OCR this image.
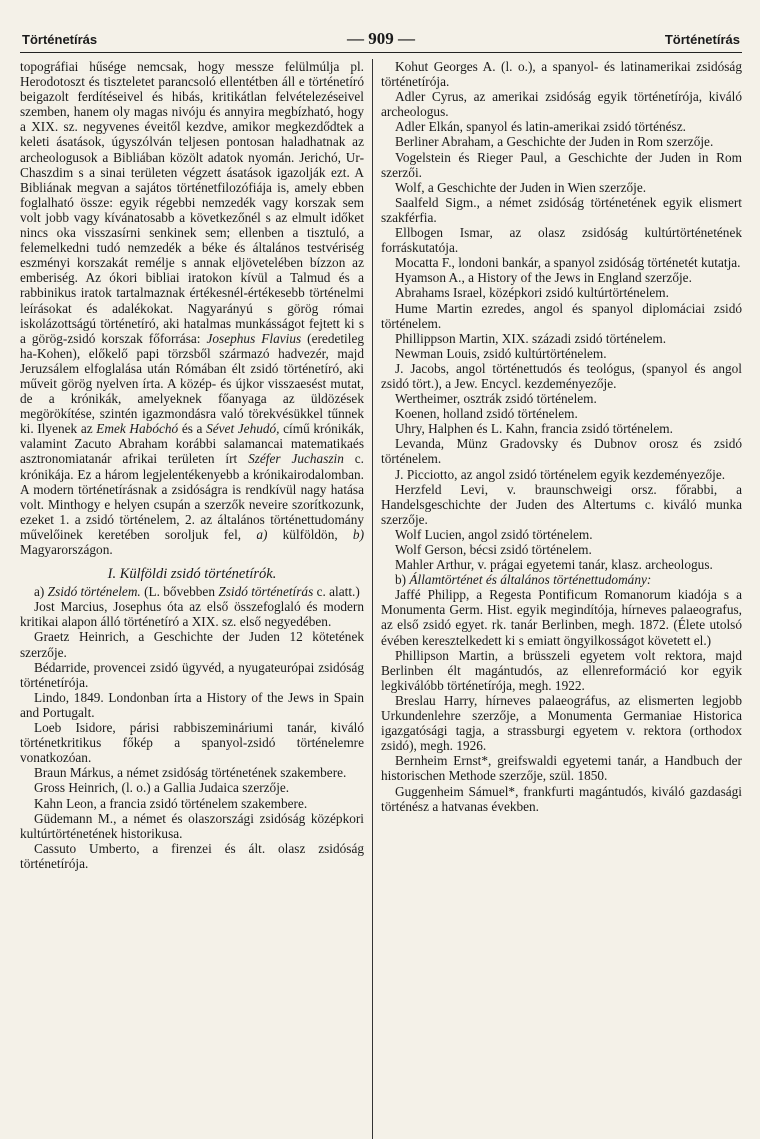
Történetírás	— 909 —	Történetírás

topográfiai hűsége nemcsak, hogy messze felülmúlja pl. Herodotoszt és tiszteletet parancsoló ellentétben áll e történetíró beigazolt ferdítéseivel és hibás, kritikátlan felvételezéseivel szemben, hanem oly magas nivóju és annyira megbízható, hogy a XIX. sz. negyvenes éveitől kezdve, amikor megkezdődtek a keleti ásatások, úgyszólván teljesen pontosan haladhatnak az archeologusok a Bibliában közölt adatok nyomán. Jerichó, Ur-Chaszdim s a sinai területen végzett ásatások igazolják ezt. A Bibliának megvan a sajátos történetfilozófiája is, amely ebben foglalható össze: egyik régebbi nemzedék vagy korszak sem volt jobb vagy kívánatosabb a következőnél s az elmult időket nincs oka visszasírni senkinek sem; ellenben a tisztuló, a felemelkedni tudó nemzedék a béke és általános testvériség eszményi korszakát remélje s annak eljövetelében bízzon az emberiség. Az ókori bibliai iratokon kívül a Talmud és a rabbinikus iratok tartalmaznak értékesnél-értékesebb történelmi leírásokat és adalékokat. Nagyarányú s görög római iskolázottságú történetíró, aki hatalmas munkásságot fejtett ki s a görög-zsidó korszak főforrása: Josephus Flavius (eredetileg ha-Kohen), előkelő papi törzsből származó hadvezér, majd Jeruzsálem elfoglalása után Rómában élt zsidó történetíró, aki műveit görög nyelven írta. A közép- és újkor visszaesést mutat, de a krónikák, amelyeknek főanyaga az üldözések megörökítése, szintén igazmondásra való törekvésükkel tűnnek ki. Ilyenek az Emek Habóchó és a Sévet Jehudó, című krónikák, valamint Zacuto Abraham korábbi salamancai matematikaés asztronomiatanár afrikai területen írt Széfer Juchaszin c. krónikája. Ez a három legjelentékenyebb a krónikairodalomban. A modern történetírásnak a zsidóságra is rendkívül nagy hatása volt. Minthogy e helyen csupán a szerzők neveire szorítkozunk, ezeket 1. a zsidó történelem, 2. az általános történettudomány művelőinek keretében soroljuk fel, a) külföldön, b) Magyarországon.

I. Külföldi zsidó történetírók.

a) Zsidó történelem. (L. bővebben Zsidó történetírás c. alatt.)

Jost Marcius, Josephus óta az első összefoglaló és modern kritikai alapon álló történetíró a XIX. sz. első negyedében.

Graetz Heinrich, a Geschichte der Juden 12 kötetének szerzője.

Bédarride, provencei zsidó ügyvéd, a nyugateurópai zsidóság történetírója.

Lindo, 1849. Londonban írta a History of the Jews in Spain and Portugalt.

Loeb Isidore, párisi rabbiszemináriumi tanár, kiváló történetkritikus főkép a spanyol-zsidó történelemre vonatkozóan.

Braun Márkus, a német zsidóság történetének szakembere.

Gross Heinrich, (l. o.) a Gallia Judaica szerzője.

Kahn Leon, a francia zsidó történelem szakembere.

Güdemann M., a német és olaszországi zsidóság középkori kultúrtörténetének historikusa.

Cassuto Umberto, a firenzei és ált. olasz zsidóság történetírója.

Kohut Georges A. (l. o.), a spanyol- és latinamerikai zsidóság történetírója.

Adler Cyrus, az amerikai zsidóság egyik történetírója, kiváló archeologus.

Adler Elkán, spanyol és latin-amerikai zsidó történész.

Berliner Abraham, a Geschichte der Juden in Rom szerzője.

Vogelstein és Rieger Paul, a Geschichte der Juden in Rom szerzői.

Wolf, a Geschichte der Juden in Wien szerzője.

Saalfeld Sigm., a német zsidóság történetének egyik elismert szakférfia.

Ellbogen Ismar, az olasz zsidóság kultúrtörténetének forráskutatója.

Mocatta F., londoni bankár, a spanyol zsidóság történetét kutatja.

Hyamson A., a History of the Jews in England szerzője.

Abrahams Israel, középkori zsidó kultúrtörténelem.

Hume Martin ezredes, angol és spanyol diplomáciai zsidó történelem.

Phillippson Martin, XIX. századi zsidó történelem.

Newman Louis, zsidó kultúrtörténelem.

J. Jacobs, angol történettudós és teológus, (spanyol és angol zsidó tört.), a Jew. Encycl. kezdeményezője.

Wertheimer, osztrák zsidó történelem.

Koenen, holland zsidó történelem.

Uhry, Halphen és L. Kahn, francia zsidó történelem.

Levanda, Münz Gradovsky és Dubnov orosz és zsidó történelem.

J. Picciotto, az angol zsidó történelem egyik kezdeményezője.

Herzfeld Levi, v. braunschweigi orsz. főrabbi, a Handelsgeschichte der Juden des Altertums c. kiváló munka szerzője.

Wolf Lucien, angol zsidó történelem.

Wolf Gerson, bécsi zsidó történelem.

Mahler Arthur, v. prágai egyetemi tanár, klasz. archeologus.

b) Államtörténet és általános történettudomány:

Jaffé Philipp, a Regesta Pontificum Romanorum kiadója s a Monumenta Germ. Hist. egyik megindítója, hírneves palaeografus, az első zsidó egyet. rk. tanár Berlinben, megh. 1872. (Élete utolsó évében keresztelkedett ki s emiatt öngyilkosságot követett el.)

Phillipson Martin, a brüsszeli egyetem volt rektora, majd Berlinben élt magántudós, az ellenreformáció kor egyik legkiválóbb történetírója, megh. 1922.

Breslau Harry, hírneves palaeográfus, az elismerten legjobb Urkundenlehre szerzője, a Monumenta Germaniae Historica igazgatósági tagja, a strassburgi egyetem v. rektora (orthodox zsidó), megh. 1926.

Bernheim Ernst*, greifswaldi egyetemi tanár, a Handbuch der historischen Methode szerzője, szül. 1850.

Guggenheim Sámuel*, frankfurti magántudós, kiváló gazdasági történész a hatvanas években.
